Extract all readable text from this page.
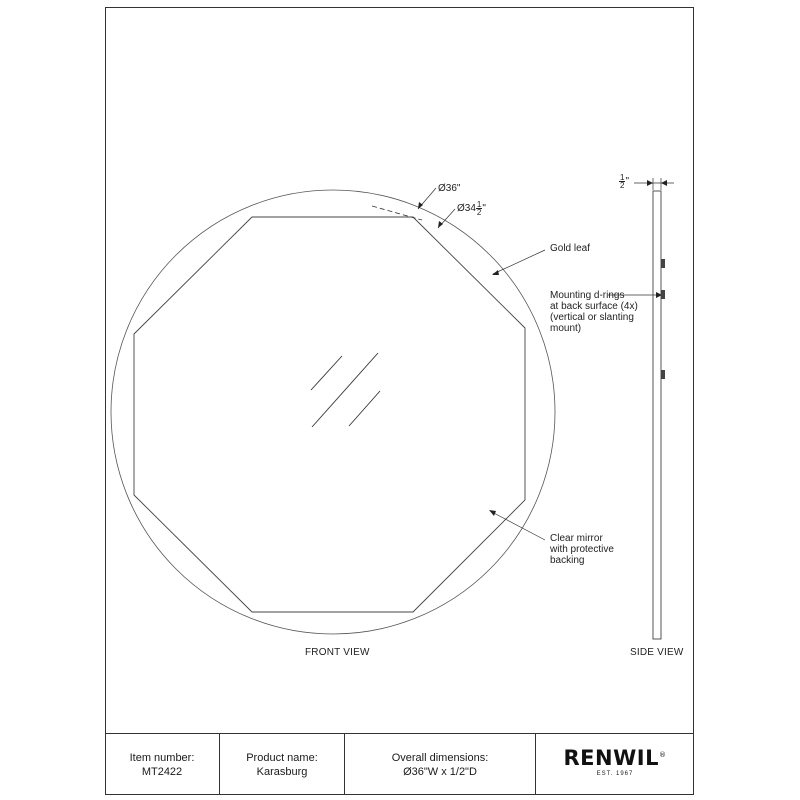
Ø36"
Ø34 $\frac{1}{2}$ "
Gold leaf
Mounting d-rings
at back surface (4x)
(vertical or slanting
mount)
Clear mirror
with protective
backing
$\frac{1}{2}$ "
FRONT VIEW	SIDE VIEW
Item number:
MT2422
Product name:
Karasburg
Overall dimensions:
Ø36"W x 1/2"D
RENWIL®
EST. 1967
